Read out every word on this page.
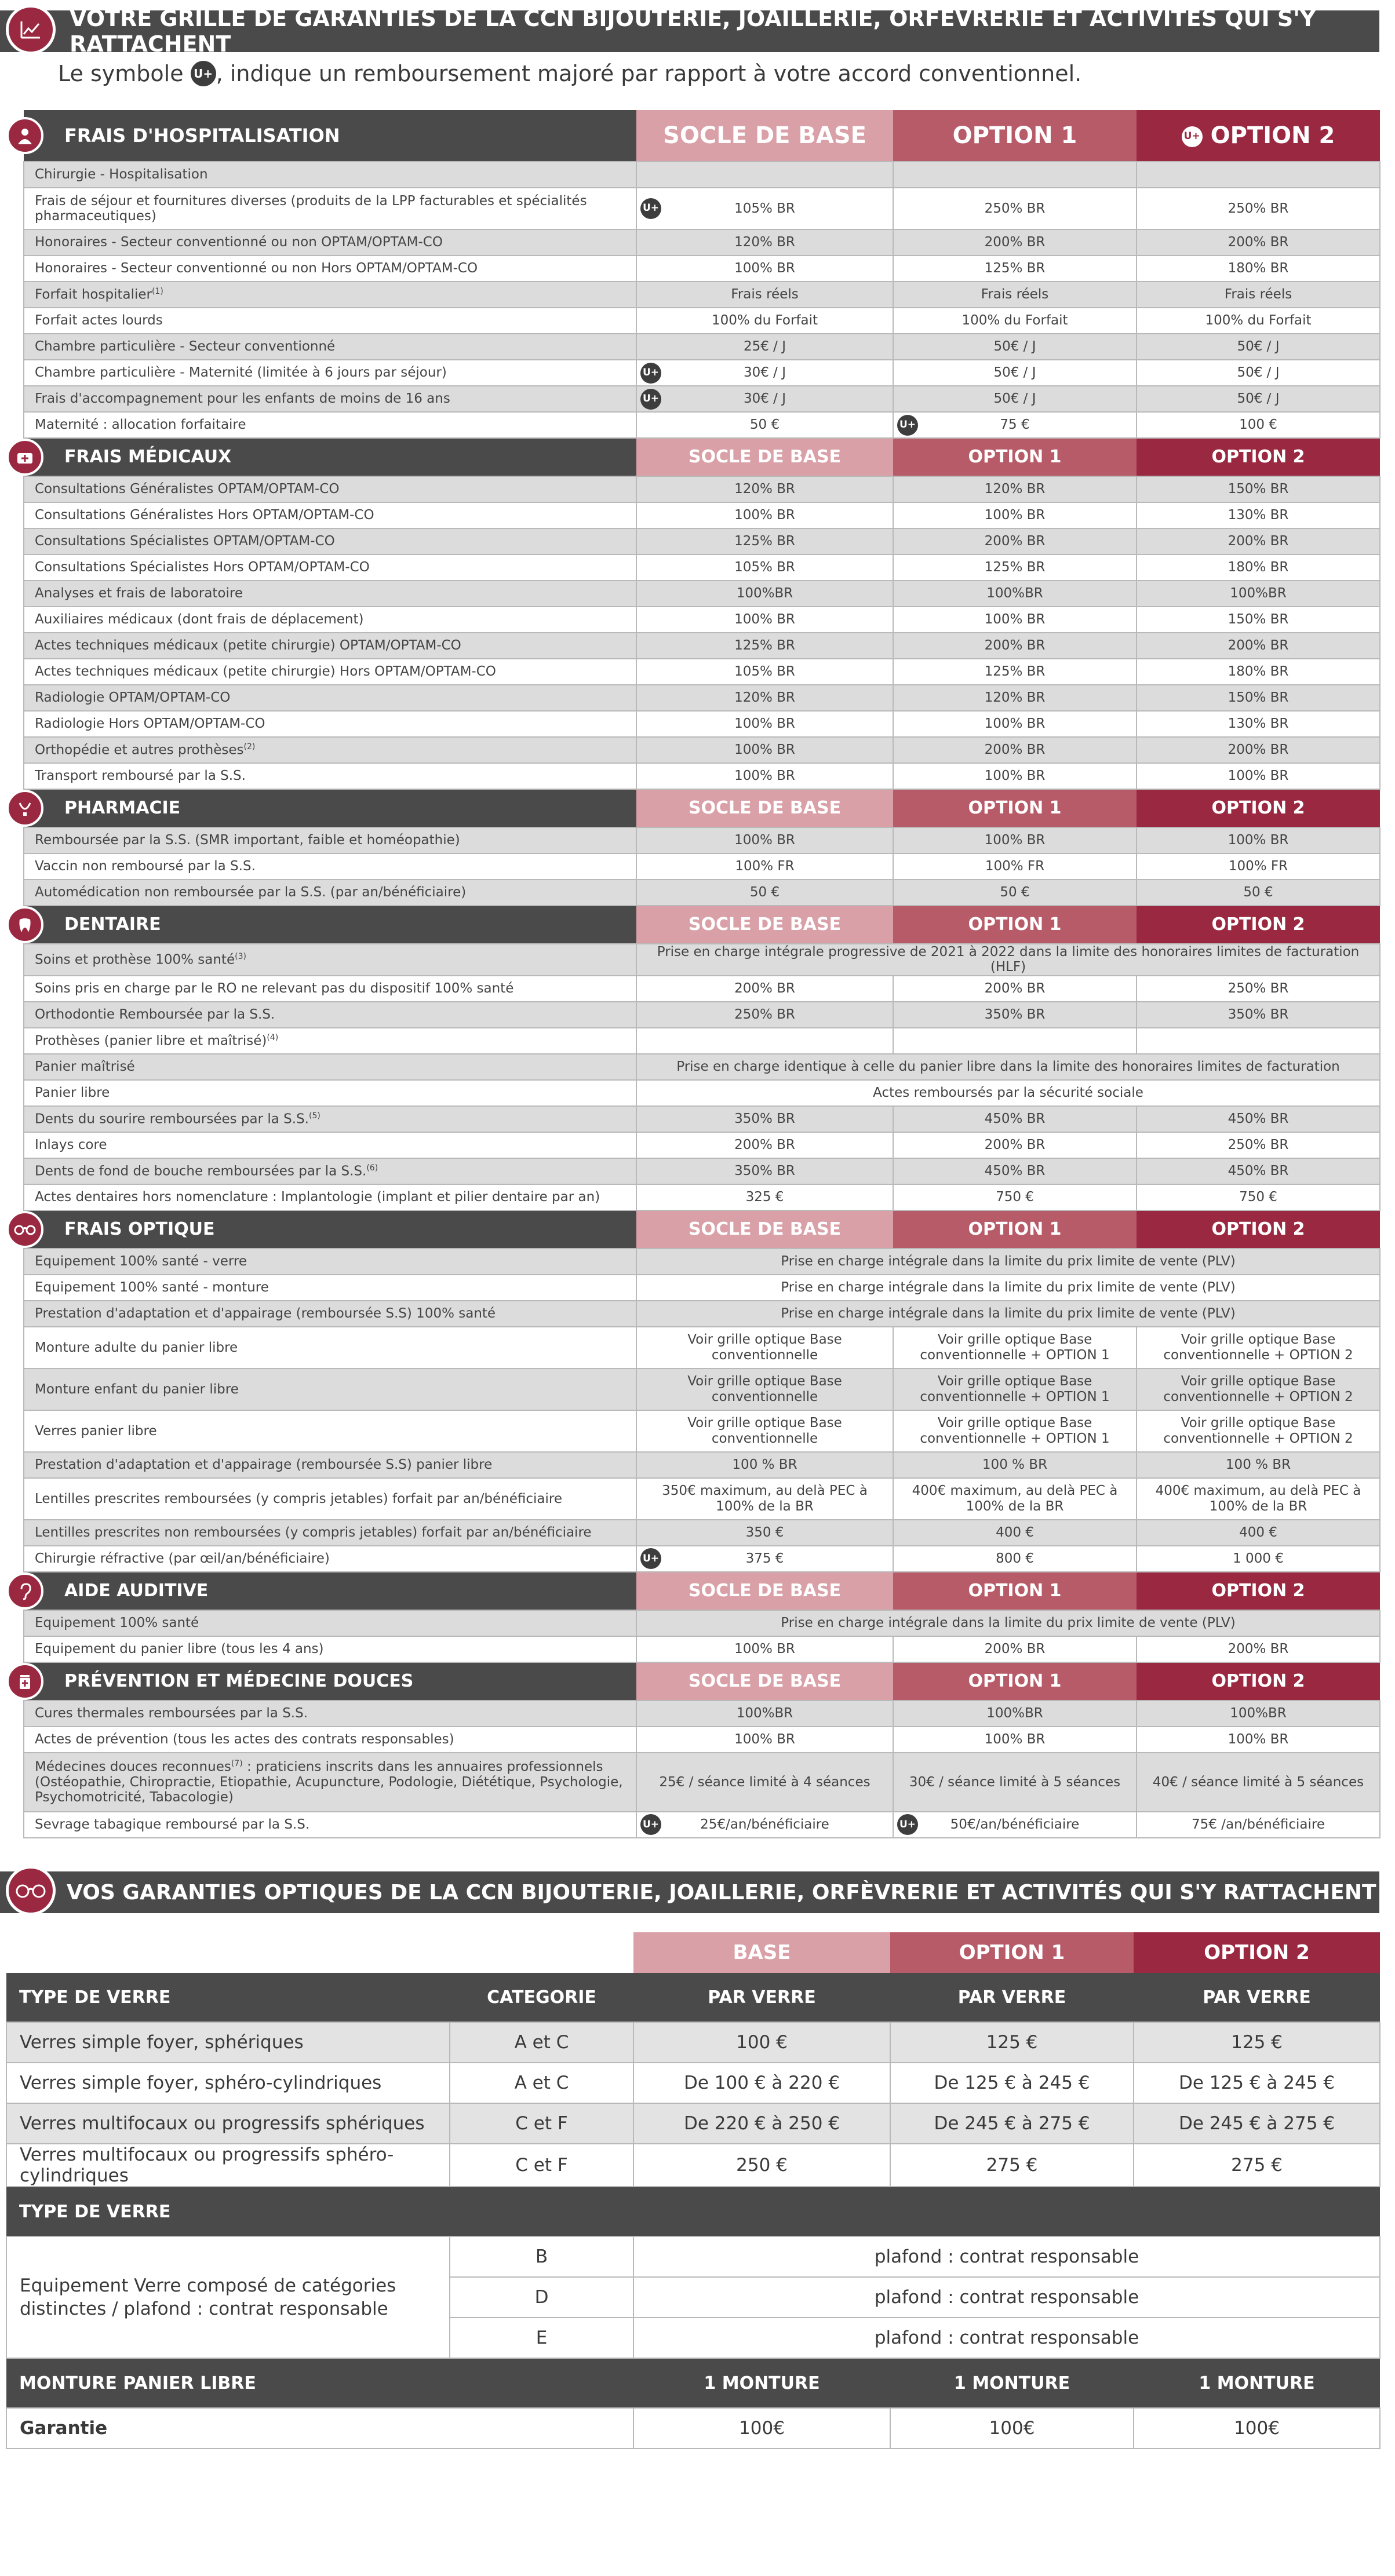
VOTRE GRILLE DE GARANTIES DE LA CCN BIJOUTERIE, JOAILLERIE, ORFÈVRERIE ET ACTIVITÉS QUI S'Y RATTACHENT
Le symbole
U+ , indique un remboursement majoré par rapport à votre accord conventionnel.
FRAIS D'HOSPITALISATION	SOCLE DE BASE	OPTION 1	U+ OPTION 2
Chirurgie - Hospitalisation			
Frais de séjour et fournitures diverses (produits de la LPP facturables et spécialités pharmaceutiques)	U+ 105% BR	250% BR	250% BR
Honoraires - Secteur conventionné ou non OPTAM/OPTAM-CO	120% BR	200% BR	200% BR
Honoraires - Secteur conventionné ou non Hors OPTAM/OPTAM-CO	100% BR	125% BR	180% BR
Forfait hospitalier$^{(1)}$	Frais réels	Frais réels	Frais réels
Forfait actes lourds	100% du Forfait	100% du Forfait	100% du Forfait
Chambre particulière - Secteur conventionné	25€ / J	50€ / J	50€ / J
Chambre particulière - Maternité (limitée à 6 jours par séjour)	U+ 30€ / J	50€ / J	50€ / J
Frais d'accompagnement pour les enfants de moins de 16 ans	U+ 30€ / J	50€ / J	50€ / J
Maternité : allocation forfaitaire	50 €	U+ 75 €	100 €

FRAIS MÉDICAUX	SOCLE DE BASE	OPTION 1	OPTION 2
Consultations Généralistes OPTAM/OPTAM-CO	120% BR	120% BR	150% BR
Consultations Généralistes Hors OPTAM/OPTAM-CO	100% BR	100% BR	130% BR
Consultations Spécialistes OPTAM/OPTAM-CO	125% BR	200% BR	200% BR
Consultations Spécialistes Hors OPTAM/OPTAM-CO	105% BR	125% BR	180% BR
Analyses et frais de laboratoire	100%BR	100%BR	100%BR
Auxiliaires médicaux (dont frais de déplacement)	100% BR	100% BR	150% BR
Actes techniques médicaux (petite chirurgie) OPTAM/OPTAM-CO	125% BR	200% BR	200% BR
Actes techniques médicaux (petite chirurgie) Hors OPTAM/OPTAM-CO	105% BR	125% BR	180% BR
Radiologie OPTAM/OPTAM-CO	120% BR	120% BR	150% BR
Radiologie Hors OPTAM/OPTAM-CO	100% BR	100% BR	130% BR
Orthopédie et autres prothèses$^{(2)}$	100% BR	200% BR	200% BR
Transport remboursé par la S.S.	100% BR	100% BR	100% BR

PHARMACIE	SOCLE DE BASE	OPTION 1	OPTION 2
Remboursée par la S.S. (SMR important, faible et homéopathie)	100% BR	100% BR	100% BR
Vaccin non remboursé par la S.S.	100% FR	100% FR	100% FR
Automédication non remboursée par la S.S. (par an/bénéficiaire)	50 €	50 €	50 €

DENTAIRE	SOCLE DE BASE	OPTION 1	OPTION 2
Soins et prothèse 100% santé$^{(3)}$	Prise en charge intégrale progressive de 2021 à 2022 dans la limite des honoraires limites de facturation (HLF)		
Soins pris en charge par le RO ne relevant pas du dispositif 100% santé	200% BR	200% BR	250% BR
Orthodontie Remboursée par la S.S.	250% BR	350% BR	350% BR
Prothèses (panier libre et maîtrisé)$^{(4)}$			
Panier maîtrisé	Prise en charge identique à celle du panier libre dans la limite des honoraires limites de facturation		
Panier libre	Actes remboursés par la sécurité sociale		
Dents du sourire remboursées par la S.S.$^{(5)}$	350% BR	450% BR	450% BR
Inlays core	200% BR	200% BR	250% BR
Dents de fond de bouche remboursées par la S.S.$^{(6)}$	350% BR	450% BR	450% BR
Actes dentaires hors nomenclature : Implantologie (implant et pilier dentaire par an)	325 €	750 €	750 €

FRAIS OPTIQUE	SOCLE DE BASE	OPTION 1	OPTION 2
Equipement 100% santé - verre	Prise en charge intégrale dans la limite du prix limite de vente (PLV)		
Equipement 100% santé - monture	Prise en charge intégrale dans la limite du prix limite de vente (PLV)		
Prestation d'adaptation et d'appairage (remboursée S.S) 100% santé	Prise en charge intégrale dans la limite du prix limite de vente (PLV)		
Monture adulte du panier libre	Voir grille optique Base conventionnelle	Voir grille optique Base conventionnelle + OPTION 1	Voir grille optique Base conventionnelle + OPTION 2
Monture enfant du panier libre	Voir grille optique Base conventionnelle	Voir grille optique Base conventionnelle + OPTION 1	Voir grille optique Base conventionnelle + OPTION 2
Verres panier libre	Voir grille optique Base conventionnelle	Voir grille optique Base conventionnelle + OPTION 1	Voir grille optique Base conventionnelle + OPTION 2
Prestation d'adaptation et d'appairage (remboursée S.S) panier libre	100 % BR	100 % BR	100 % BR
Lentilles prescrites remboursées (y compris jetables) forfait par an/bénéficiaire	350€ maximum, au delà PEC à 100% de la BR	400€ maximum, au delà PEC à 100% de la BR	400€ maximum, au delà PEC à 100% de la BR
Lentilles prescrites non remboursées (y compris jetables) forfait par an/bénéficiaire	350 €	400 €	400 €
Chirurgie réfractive (par œil/an/bénéficiaire)	U+ 375 €	800 €	1 000 €

AIDE AUDITIVE	SOCLE DE BASE	OPTION 1	OPTION 2
Equipement 100% santé	Prise en charge intégrale dans la limite du prix limite de vente (PLV)		
Equipement du panier libre (tous les 4 ans)	100% BR	200% BR	200% BR

PRÉVENTION ET MÉDECINE DOUCES	SOCLE DE BASE	OPTION 1	OPTION 2
Cures thermales remboursées par la S.S.	100%BR	100%BR	100%BR
Actes de prévention (tous les actes des contrats responsables)	100% BR	100% BR	100% BR
Médecines douces reconnues$^{(7)}$ : praticiens inscrits dans les annuaires professionnels (Ostéopathie, Chiropractie, Etiopathie, Acupuncture, Podologie, Diététique, Psychologie, Psychomotricité, Tabacologie)	25€ / séance limité à 4 séances	30€ / séance limité à 5 séances	40€ / séance limité à 5 séances
Sevrage tabagique remboursé par la S.S.	U+ 25€/an/bénéficiaire	U+ 50€/an/bénéficiaire	75€ /an/bénéficiaire
VOS GARANTIES OPTIQUES DE LA CCN BIJOUTERIE, JOAILLERIE, ORFÈVRERIE ET ACTIVITÉS QUI S'Y RATTACHENT
		BASE	OPTION 1	OPTION 2
TYPE DE VERRE	CATEGORIE	PAR VERRE	PAR VERRE	PAR VERRE
Verres simple foyer, sphériques	A et C	100 €	125 €	125 €
Verres simple foyer, sphéro-cylindriques	A et C	De 100 € à 220 €	De 125 € à 245 €	De 125 € à 245 €
Verres multifocaux ou progressifs sphériques	C et F	De 220 € à 250 €	De 245 € à 275 €	De 245 € à 275 €
Verres multifocaux ou progressifs sphéro-cylindriques	C et F	250 €	275 €	275 €
TYPE DE VERRE				
Equipement Verre composé de catégories distinctes / plafond : contrat responsable	B	plafond : contrat responsable		
	D	plafond : contrat responsable		
	E	plafond : contrat responsable		
MONTURE PANIER LIBRE		1 MONTURE	1 MONTURE	1 MONTURE
Garantie		100€	100€	100€
